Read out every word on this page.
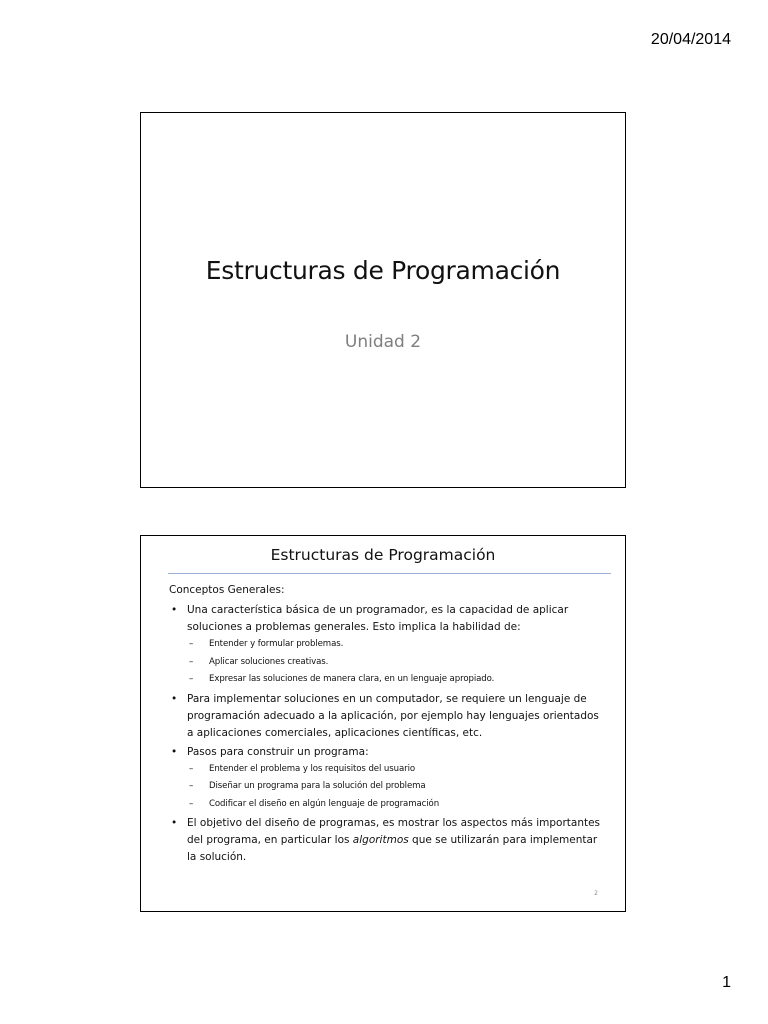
20/04/2014
Estructuras de Programación
Unidad 2
Estructuras de Programación

Conceptos Generales:

• Una característica básica de un programador, es la capacidad de aplicar soluciones a problemas generales. Esto implica la habilidad de:

– Entender y formular problemas.

– Aplicar soluciones creativas.

– Expresar las soluciones de manera clara, en un lenguaje apropiado.

• Para implementar soluciones en un computador, se requiere un lenguaje de programación adecuado a la aplicación, por ejemplo hay lenguajes orientados a aplicaciones comerciales, aplicaciones científicas, etc.

• Pasos para construir un programa:

– Entender el problema y los requisitos del usuario

– Diseñar un programa para la solución del problema

– Codificar el diseño en algún lenguaje de programación

• El objetivo del diseño de programas, es mostrar los aspectos más importantes del programa, en particular los algoritmos que se utilizarán para implementar la solución.

2
1
